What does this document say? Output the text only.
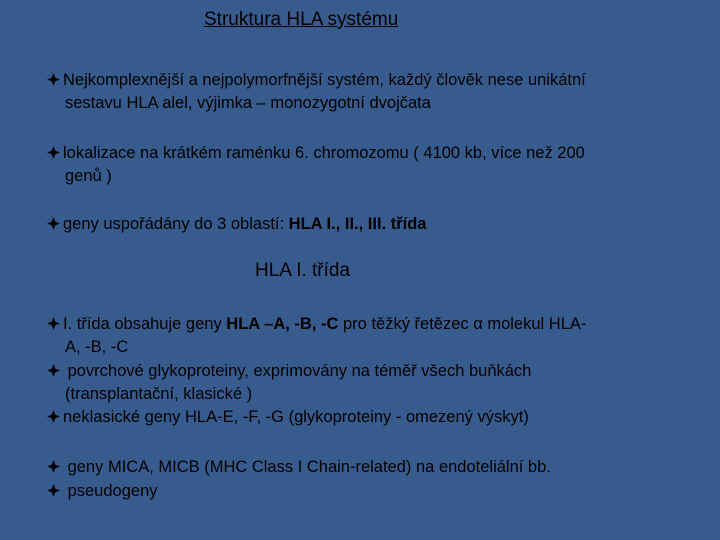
Struktura HLA systému
Nejkomplexnější a nejpolymorfnější systém, každý člověk nese unikátní
sestavu HLA alel, výjimka – monozygotní dvojčata
lokalizace na krátkém raménku 6. chromozomu ( 4100 kb, více než 200
genů )
geny uspořádány do 3 oblastí: HLA I., II., III. třída
HLA I. třída
I. třída obsahuje geny HLA –A, -B, -C pro těžký řetězec α molekul HLA-
A, -B, -C
povrchové glykoproteiny, exprimovány na téměř všech buňkách
(transplantační, klasické )
neklasické geny HLA-E, -F, -G (glykoproteiny - omezený výskyt)
geny MICA, MICB (MHC Class I Chain-related) na endoteliální bb.
pseudogeny
